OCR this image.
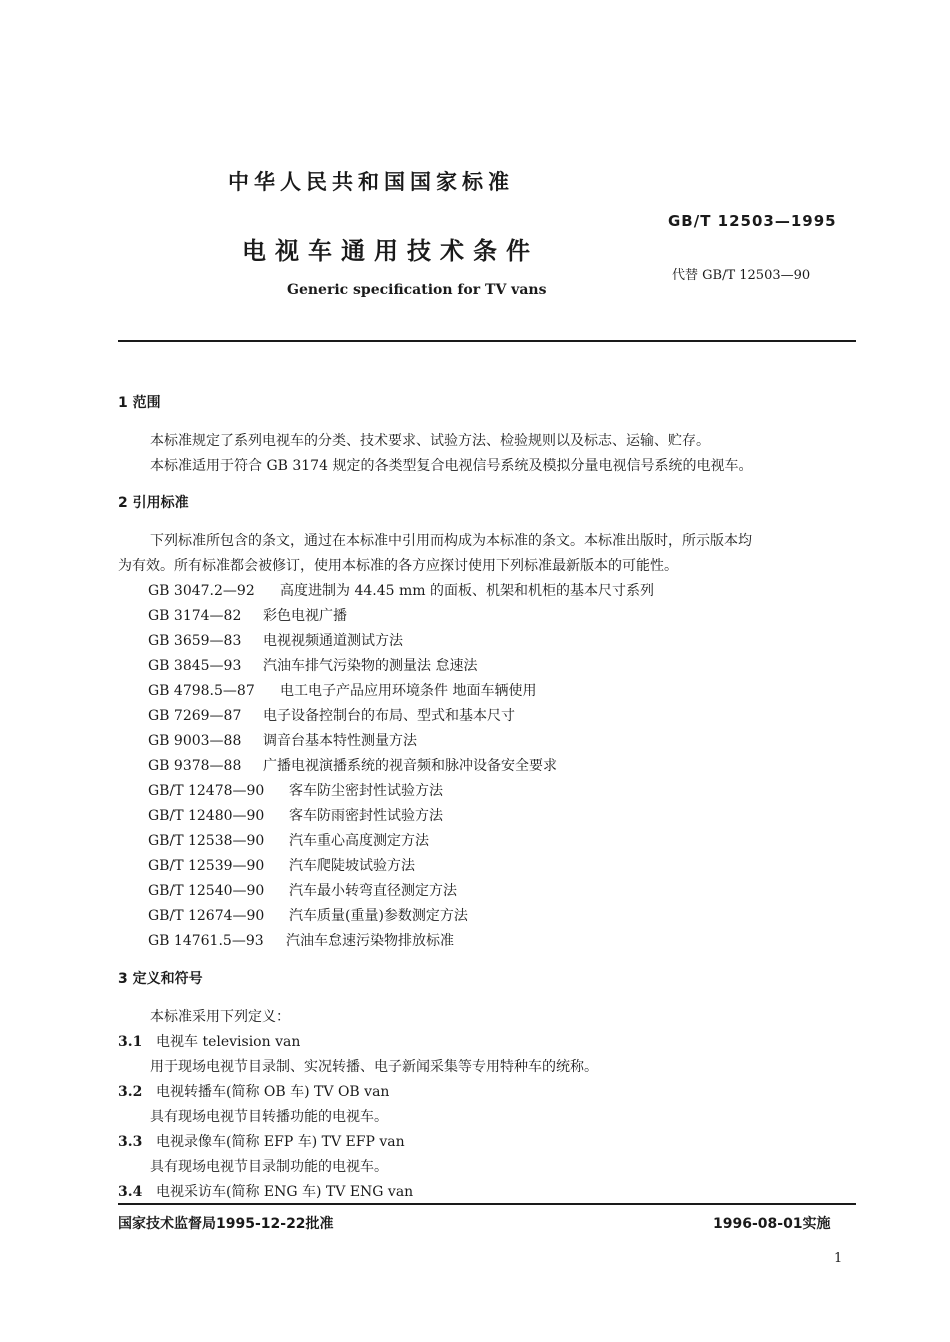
中华人民共和国国家标准
GB/T 12503—1995
电视车通用技术条件
代替 GB/T 12503—90
Generic specification for TV vans
1 范围
本标准规定了系列电视车的分类、技术要求、试验方法、检验规则以及标志、运输、贮存。
本标准适用于符合 GB 3174 规定的各类型复合电视信号系统及模拟分量电视信号系统的电视车。
2 引用标准
下列标准所包含的条文，通过在本标准中引用而构成为本标准的条文。本标准出版时，所示版本均
为有效。所有标准都会被修订，使用本标准的各方应探讨使用下列标准最新版本的可能性。
GB 3047.2—92 高度进制为 44.45 mm 的面板、机架和机柜的基本尺寸系列
GB 3174—82 彩色电视广播
GB 3659—83 电视视频通道测试方法
GB 3845—93 汽油车排气污染物的测量法 怠速法
GB 4798.5—87 电工电子产品应用环境条件 地面车辆使用
GB 7269—87 电子设备控制台的布局、型式和基本尺寸
GB 9003—88 调音台基本特性测量方法
GB 9378—88 广播电视演播系统的视音频和脉冲设备安全要求
GB/T 12478—90 客车防尘密封性试验方法
GB/T 12480—90 客车防雨密封性试验方法
GB/T 12538—90 汽车重心高度测定方法
GB/T 12539—90 汽车爬陡坡试验方法
GB/T 12540—90 汽车最小转弯直径测定方法
GB/T 12674—90 汽车质量(重量)参数测定方法
GB 14761.5—93 汽油车怠速污染物排放标准
3 定义和符号
本标准采用下列定义：
3.1 电视车 television van
用于现场电视节目录制、实况转播、电子新闻采集等专用特种车的统称。
3.2 电视转播车(简称 OB 车) TV OB van
具有现场电视节目转播功能的电视车。
3.3 电视录像车(简称 EFP 车) TV EFP van
具有现场电视节目录制功能的电视车。
3.4 电视采访车(简称 ENG 车) TV ENG van
国家技术监督局1995-12-22批准	1996-08-01实施
1
